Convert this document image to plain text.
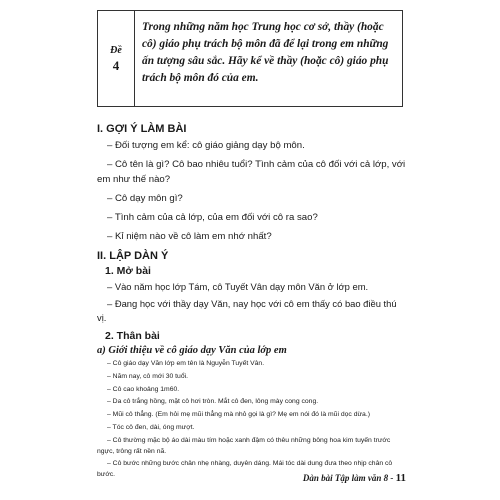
Đề
4
Trong những năm học Trung học cơ sở, thầy (hoặc cô) giáo phụ trách bộ môn đã để lại trong em những ấn tượng sâu sắc. Hãy kể về thầy (hoặc cô) giáo phụ trách bộ môn đó của em.
I. GỢI Ý LÀM BÀI
– Đối tượng em kể: cô giáo giảng dạy bộ môn.
– Cô tên là gì? Cô bao nhiêu tuổi? Tình cảm của cô đối với cả lớp, với em như thế nào?
– Cô dạy môn gì?
– Tình cảm của cả lớp, của em đối với cô ra sao?
– Kỉ niệm nào về cô làm em nhớ nhất?
II. LẬP DÀN Ý
1. Mở bài
– Vào năm học lớp Tám, cô Tuyết Vân dạy môn Văn ở lớp em.
– Đang học với thầy dạy Văn, nay học với cô em thấy có bao điều thú vị.
2. Thân bài
a) Giới thiệu về cô giáo dạy Văn của lớp em
– Cô giáo dạy Văn lớp em tên là Nguyễn Tuyết Vân.
– Năm nay, cô mới 30 tuổi.
– Cô cao khoảng 1m60.
– Da cô trắng hồng, mặt cô hơi tròn. Mắt cô đen, lông mày cong cong.
– Mũi cô thẳng. (Em hỏi mẹ mũi thẳng mà nhỏ gọi là gì? Mẹ em nói đó là mũi dọc dừa.)
– Tóc cô đen, dài, óng mượt.
– Cô thường mặc bộ áo dài màu tím hoặc xanh đậm có thêu những bông hoa kim tuyến trước ngực, trông rất nền nã.
– Cô bước những bước chân nhẹ nhàng, duyên dáng. Mái tóc dài dung đưa theo nhịp chân cô bước.	Dàn bài Tập làm văn 8 - 11
